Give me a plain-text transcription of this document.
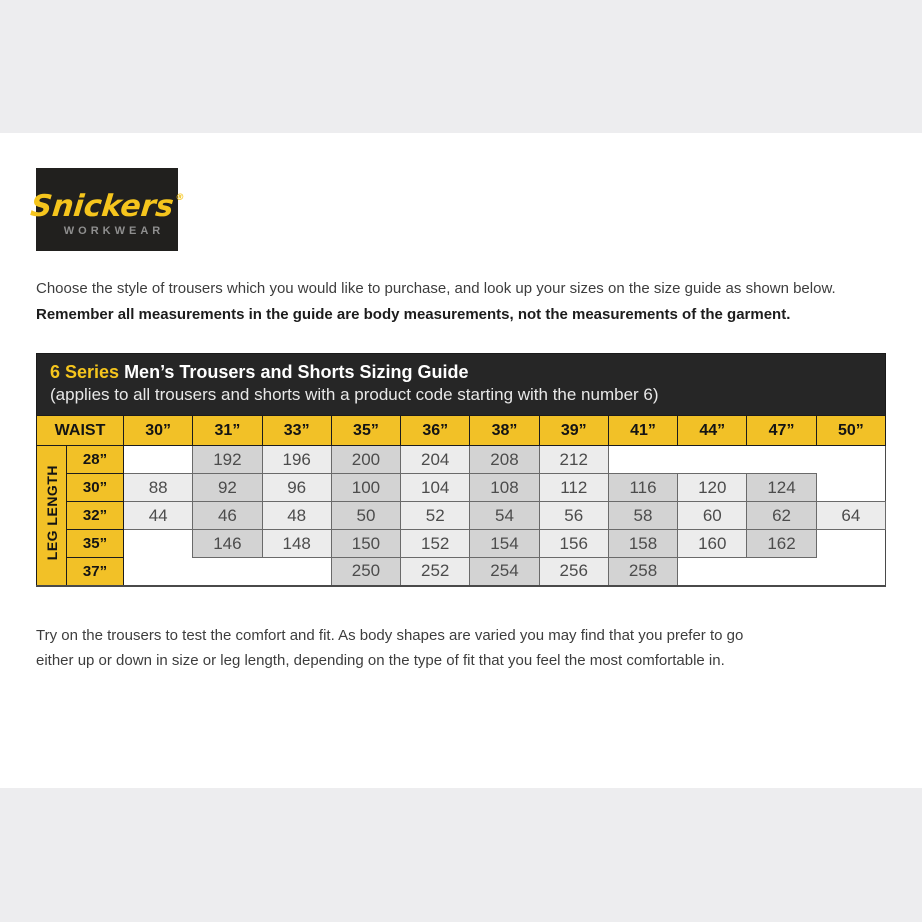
Snickers®
WORKWEAR
Choose the style of trousers which you would like to purchase, and look up your sizes on the size guide as shown below.
Remember all measurements in the guide are body measurements, not the measurements of the garment.
6 Series Men’s Trousers and Shorts Sizing Guide
(applies to all trousers and shorts with a product code starting with the number 6)
WAIST		30”	31”	33”	35”	36”	38”	39”	41”	44”	47”	50”
LEG LENGTH	28”		192	196	200	204	208	212				
	30”	88	92	96	100	104	108	112	116	120	124	
	32”	44	46	48	50	52	54	56	58	60	62	64
	35”		146	148	150	152	154	156	158	160	162	
	37”				250	252	254	256	258			
Try on the trousers to test the comfort and fit. As body shapes are varied you may find that you prefer to go
either up or down in size or leg length, depending on the type of fit that you feel the most comfortable in.
